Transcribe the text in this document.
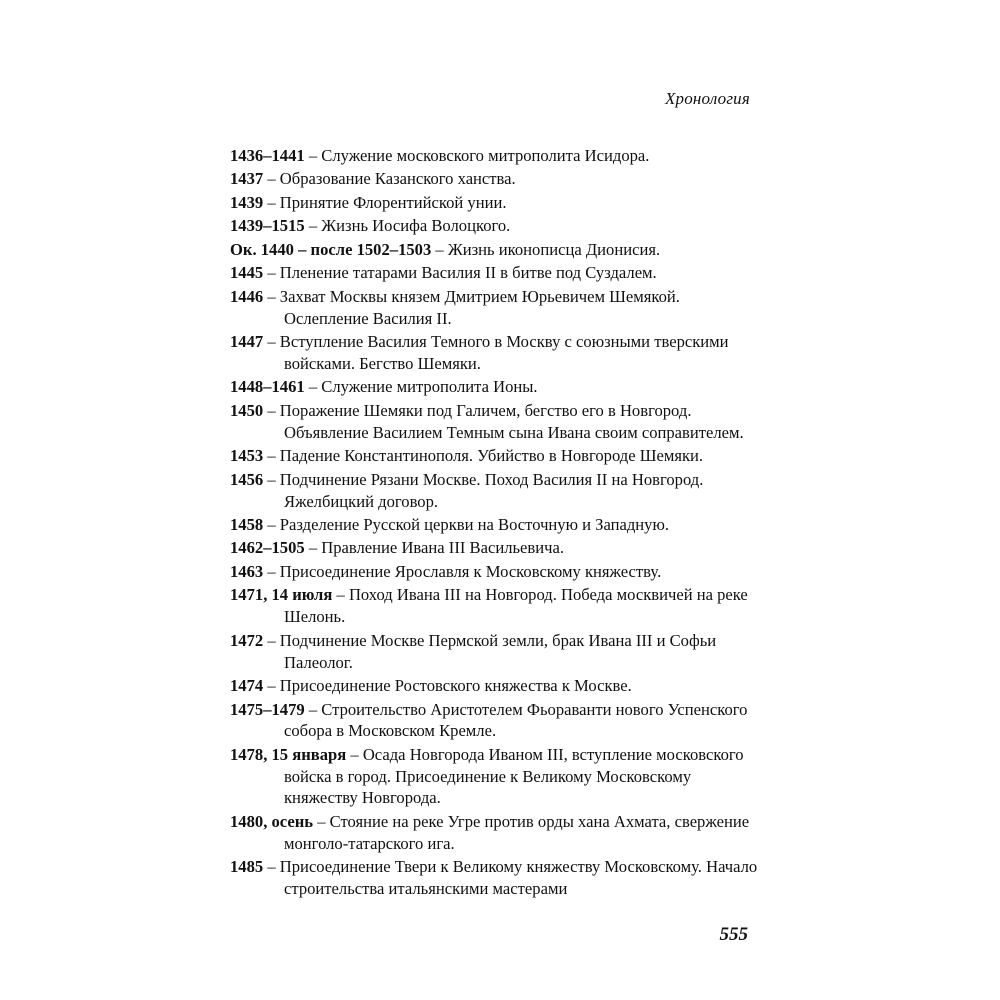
Хронология
1436–1441 – Служение московского митрополита Исидора.
1437 – Образование Казанского ханства.
1439 – Принятие Флорентийской унии.
1439–1515 – Жизнь Иосифа Волоцкого.
Ок. 1440 – после 1502–1503 – Жизнь иконописца Дионисия.
1445 – Пленение татарами Василия II в битве под Суздалем.
1446 – Захват Москвы князем Дмитрием Юрьевичем Шемякой. Ослепление Василия II.
1447 – Вступление Василия Темного в Москву с союзными тверскими войсками. Бегство Шемяки.
1448–1461 – Служение митрополита Ионы.
1450 – Поражение Шемяки под Галичем, бегство его в Новгород. Объявление Василием Темным сына Ивана своим соправителем.
1453 – Падение Константинополя. Убийство в Новгороде Шемяки.
1456 – Подчинение Рязани Москве. Поход Василия II на Новгород. Яжелбицкий договор.
1458 – Разделение Русской церкви на Восточную и Западную.
1462–1505 – Правление Ивана III Васильевича.
1463 – Присоединение Ярославля к Московскому княжеству.
1471, 14 июля – Поход Ивана III на Новгород. Победа москвичей на реке Шелонь.
1472 – Подчинение Москве Пермской земли, брак Ивана III и Софьи Палеолог.
1474 – Присоединение Ростовского княжества к Москве.
1475–1479 – Строительство Аристотелем Фьораванти нового Успенского собора в Московском Кремле.
1478, 15 января – Осада Новгорода Иваном III, вступление московского войска в город. Присоединение к Великому Московскому княжеству Новгорода.
1480, осень – Стояние на реке Угре против орды хана Ахмата, свержение монголо-татарского ига.
1485 – Присоединение Твери к Великому княжеству Московскому. Начало строительства итальянскими мастерами
555
